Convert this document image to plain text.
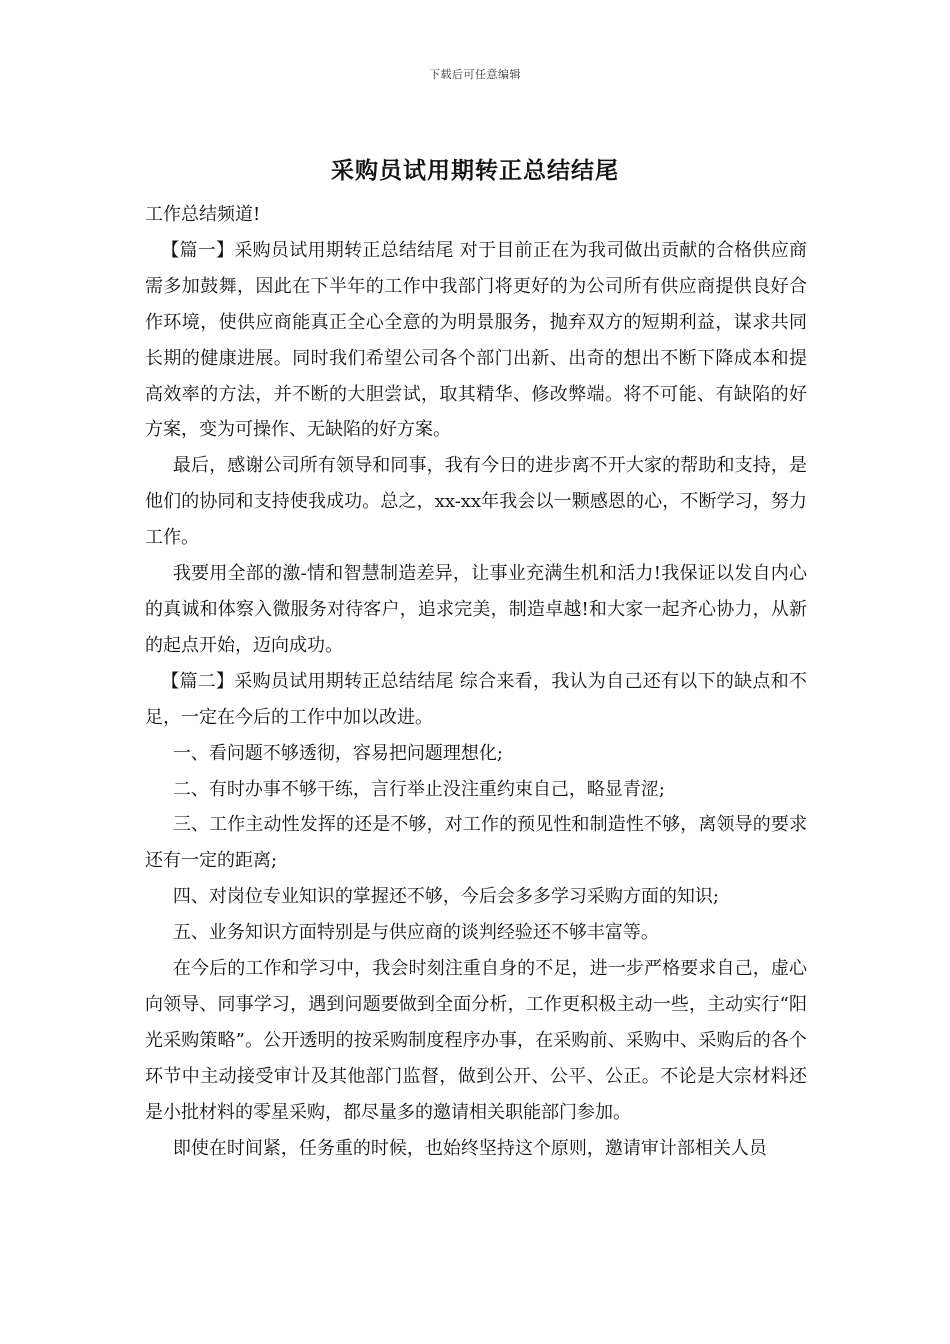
下载后可任意编辑
采购员试用期转正总结结尾

工作总结频道!

【篇一】采购员试用期转正总结结尾 对于目前正在为我司做出贡献的合格供应商需多加鼓舞，因此在下半年的工作中我部门将更好的为公司所有供应商提供良好合作环境，使供应商能真正全心全意的为明景服务，抛弃双方的短期利益，谋求共同长期的健康进展。同时我们希望公司各个部门出新、出奇的想出不断下降成本和提高效率的方法，并不断的大胆尝试，取其精华、修改弊端。将不可能、有缺陷的好方案，变为可操作、无缺陷的好方案。

最后，感谢公司所有领导和同事，我有今日的进步离不开大家的帮助和支持，是他们的协同和支持使我成功。总之，xx-xx年我会以一颗感恩的心，不断学习，努力工作。

我要用全部的激-情和智慧制造差异，让事业充满生机和活力!我保证以发自内心的真诚和体察入微服务对待客户，追求完美，制造卓越!和大家一起齐心协力，从新的起点开始，迈向成功。

【篇二】采购员试用期转正总结结尾 综合来看，我认为自己还有以下的缺点和不足，一定在今后的工作中加以改进。

一、看问题不够透彻，容易把问题理想化;

二、有时办事不够干练，言行举止没注重约束自己，略显青涩;

三、工作主动性发挥的还是不够，对工作的预见性和制造性不够，离领导的要求还有一定的距离;

四、对岗位专业知识的掌握还不够，今后会多多学习采购方面的知识;

五、业务知识方面特别是与供应商的谈判经验还不够丰富等。

在今后的工作和学习中，我会时刻注重自身的不足，进一步严格要求自己，虚心向领导、同事学习，遇到问题要做到全面分析，工作更积极主动一些，主动实行“阳光采购策略”。公开透明的按采购制度程序办事，在采购前、采购中、采购后的各个环节中主动接受审计及其他部门监督，做到公开、公平、公正。不论是大宗材料还是小批材料的零星采购，都尽量多的邀请相关职能部门参加。

即使在时间紧，任务重的时候，也始终坚持这个原则，邀请审计部相关人员
